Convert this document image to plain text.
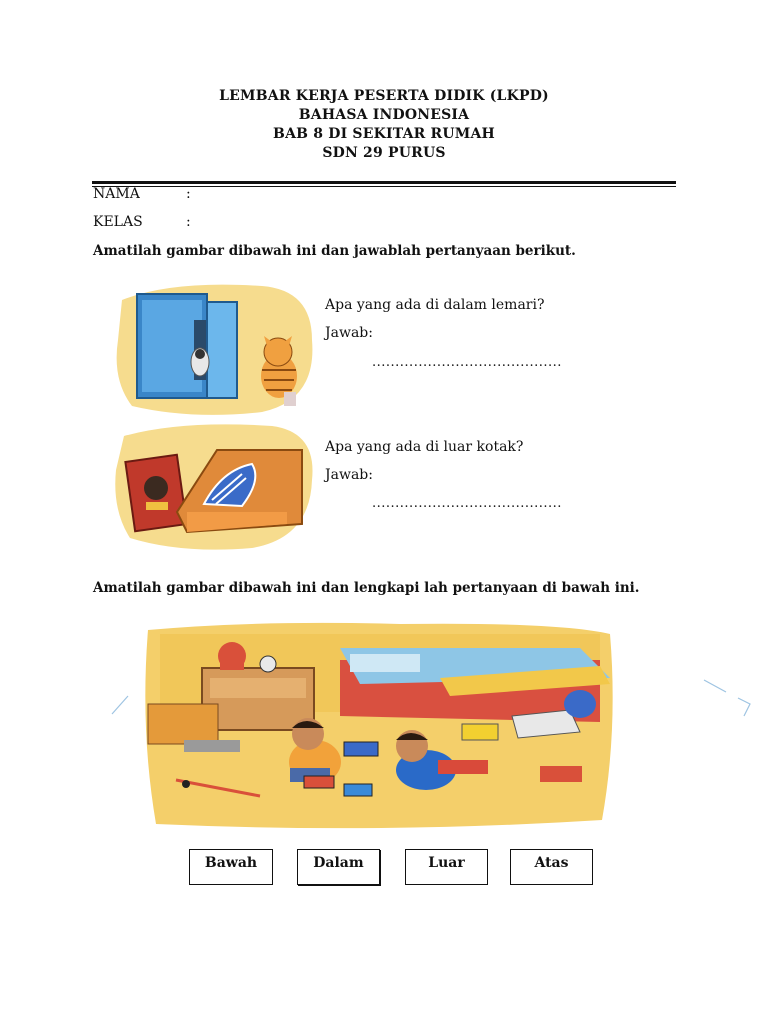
LEMBAR KERJA PESERTA DIDIK (LKPD)
BAHASA INDONESIA
BAB 8 DI SEKITAR RUMAH
SDN 29 PURUS
NAMA	:
KELAS	:
Amatilah gambar dibawah ini dan jawablah pertanyaan berikut.
Apa yang ada di dalam lemari?
Jawab:
.........................................
Apa yang ada di luar kotak?
Jawab:
.........................................
Amatilah gambar dibawah ini dan lengkapi lah pertanyaan di bawah ini.
Bawah	Dalam	Luar	Atas
